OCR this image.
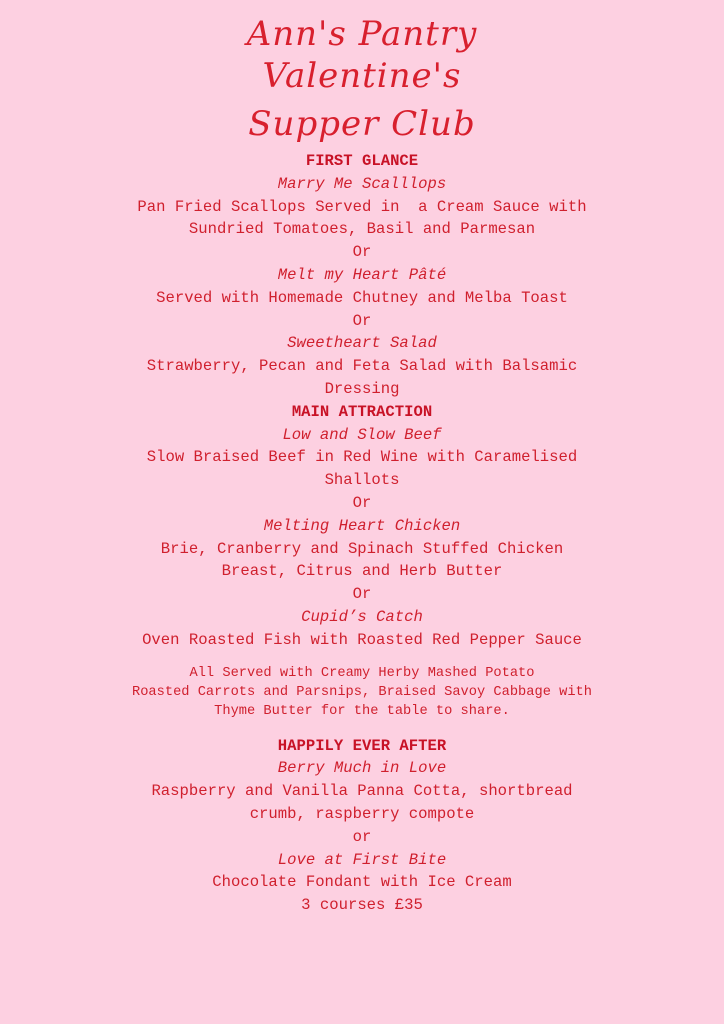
Ann's Pantry
Valentine's
Supper Club
FIRST GLANCE
Marry Me Scalllops
Pan Fried Scallops Served in  a Cream Sauce with
Sundried Tomatoes, Basil and Parmesan
Or
Melt my Heart Pâté
Served with Homemade Chutney and Melba Toast
Or
Sweetheart Salad
Strawberry, Pecan and Feta Salad with Balsamic
Dressing
MAIN ATTRACTION
Low and Slow Beef
Slow Braised Beef in Red Wine with Caramelised
Shallots
Or
Melting Heart Chicken
Brie, Cranberry and Spinach Stuffed Chicken
Breast, Citrus and Herb Butter
Or
Cupid’s Catch
Oven Roasted Fish with Roasted Red Pepper Sauce
All Served with Creamy Herby Mashed Potato
Roasted Carrots and Parsnips, Braised Savoy Cabbage with
Thyme Butter for the table to share.
HAPPILY EVER AFTER
Berry Much in Love
Raspberry and Vanilla Panna Cotta, shortbread
crumb, raspberry compote
or
Love at First Bite
Chocolate Fondant with Ice Cream
3 courses £35
